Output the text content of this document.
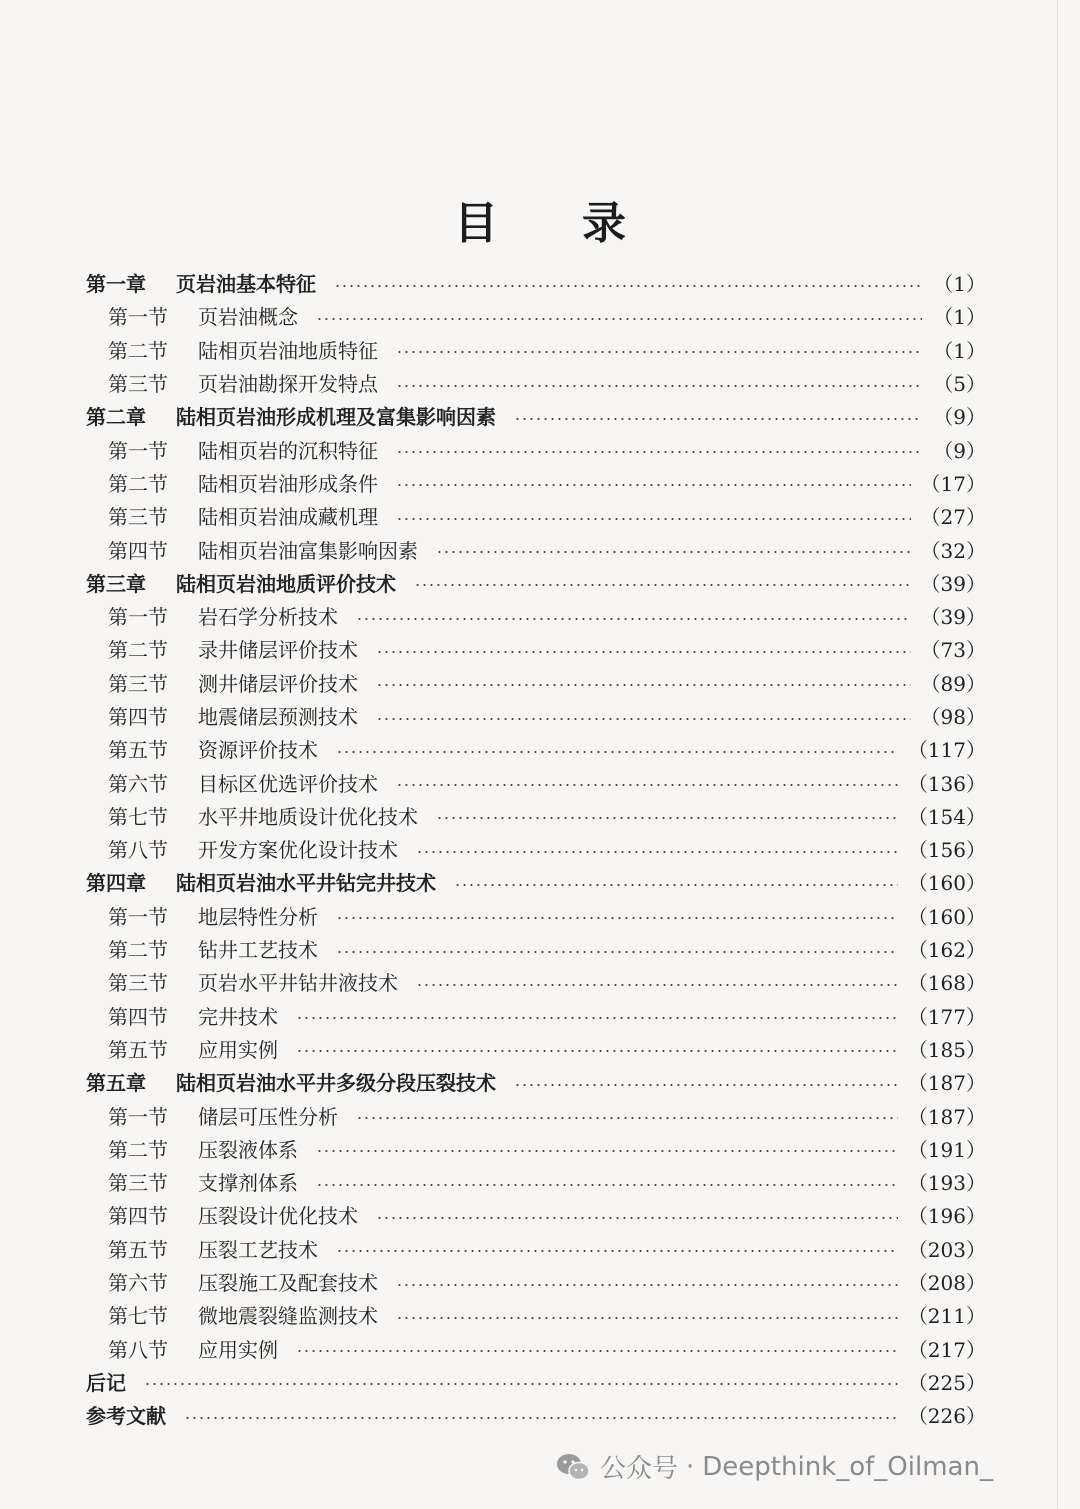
目 录
第一章	页岩油基本特征	（1）
第一节	页岩油概念	（1）
第二节	陆相页岩油地质特征	（1）
第三节	页岩油勘探开发特点	（5）
第二章	陆相页岩油形成机理及富集影响因素	（9）
第一节	陆相页岩的沉积特征	（9）
第二节	陆相页岩油形成条件	（17）
第三节	陆相页岩油成藏机理	（27）
第四节	陆相页岩油富集影响因素	（32）
第三章	陆相页岩油地质评价技术	（39）
第一节	岩石学分析技术	（39）
第二节	录井储层评价技术	（73）
第三节	测井储层评价技术	（89）
第四节	地震储层预测技术	（98）
第五节	资源评价技术	（117）
第六节	目标区优选评价技术	（136）
第七节	水平井地质设计优化技术	（154）
第八节	开发方案优化设计技术	（156）
第四章	陆相页岩油水平井钻完井技术	（160）
第一节	地层特性分析	（160）
第二节	钻井工艺技术	（162）
第三节	页岩水平井钻井液技术	（168）
第四节	完井技术	（177）
第五节	应用实例	（185）
第五章	陆相页岩油水平井多级分段压裂技术	（187）
第一节	储层可压性分析	（187）
第二节	压裂液体系	（191）
第三节	支撑剂体系	（193）
第四节	压裂设计优化技术	（196）
第五节	压裂工艺技术	（203）
第六节	压裂施工及配套技术	（208）
第七节	微地震裂缝监测技术	（211）
第八节	应用实例	（217）
后记	（225）
参考文献	（226）
公众号 · Deepthink_of_Oilman_
